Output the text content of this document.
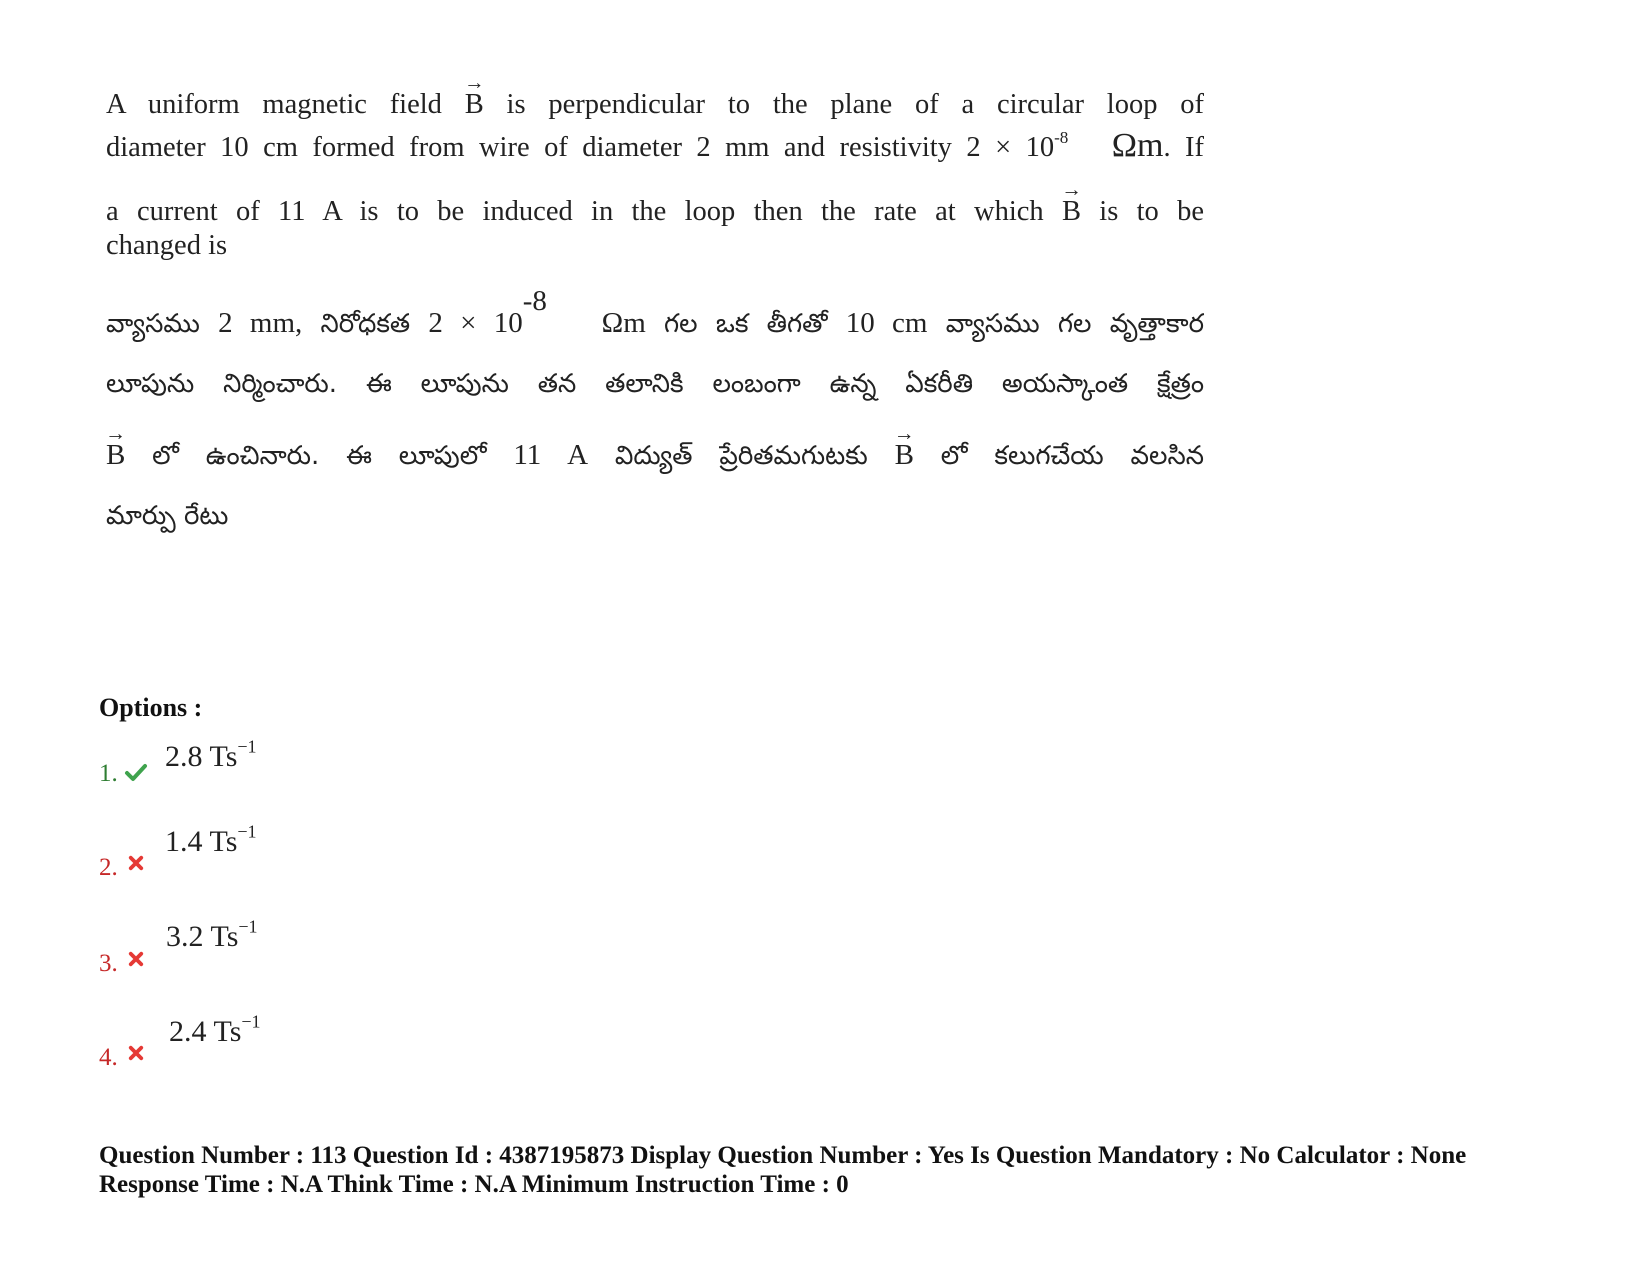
A uniform magnetic field → B is perpendicular to the plane of a circular loop of

diameter 10 cm formed from wire of diameter 2 mm and resistivity $2 \times 10^{-8}$ Ωm. If

a current of 11 A is to be induced in the loop then the rate at which → B is to be

changed is

వ్యాసము 2 mm, నిరోధకత $2 \times 10^{-8}$   Ωm గల ఒక తీగతో 10 cm వ్యాసము గల వృత్తాకార

లూపును నిర్మించారు. ఈ లూపును తన తలానికి లంబంగా ఉన్న ఏకరీతి అయస్కాంత క్షేత్రం

→ B లో ఉంచినారు. ఈ లూపులో 11 A విద్యుత్ ప్రేరితమగుటకు → B లో కలుగచేయ వలసిన

మార్పు రేటు

Options :
1.
2.8 $Ts^{-1}$
2.
1.4 $Ts^{-1}$
3.
3.2 $Ts^{-1}$
4.
2.4 $Ts^{-1}$
Question Number : 113 Question Id : 4387195873 Display Question Number : Yes Is Question Mandatory : No Calculator : None
Response Time : N.A Think Time : N.A Minimum Instruction Time : 0
